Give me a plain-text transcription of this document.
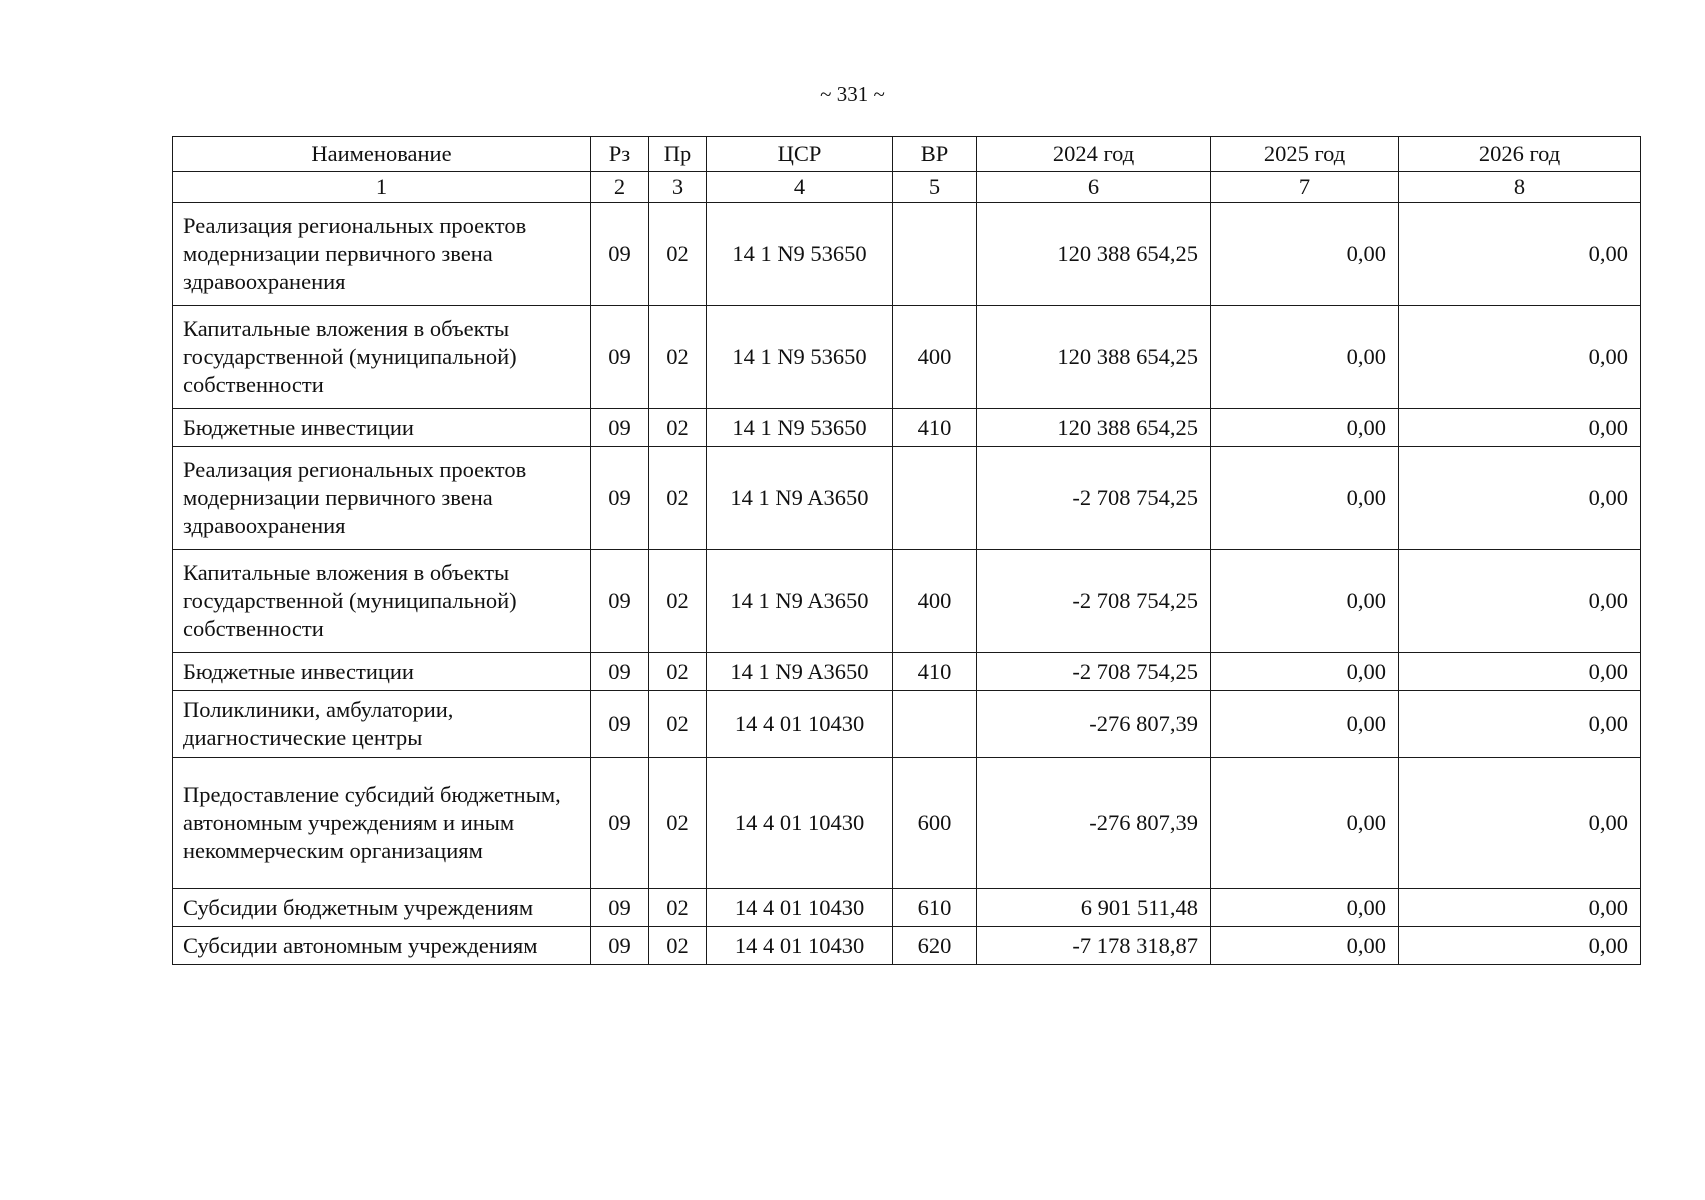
~ 331 ~
Наименование	Рз	Пр	ЦСР	ВР	2024 год	2025 год	2026 год
1	2	3	4	5	6	7	8
Реализация региональных проектов модернизации первичного звена здравоохранения	09	02	14 1 N9 53650		120 388 654,25	0,00	0,00
Капитальные вложения в объекты государственной (муниципальной) собственности	09	02	14 1 N9 53650	400	120 388 654,25	0,00	0,00
Бюджетные инвестиции	09	02	14 1 N9 53650	410	120 388 654,25	0,00	0,00
Реализация региональных проектов модернизации первичного звена здравоохранения	09	02	14 1 N9 A3650		-2 708 754,25	0,00	0,00
Капитальные вложения в объекты государственной (муниципальной) собственности	09	02	14 1 N9 A3650	400	-2 708 754,25	0,00	0,00
Бюджетные инвестиции	09	02	14 1 N9 A3650	410	-2 708 754,25	0,00	0,00
Поликлиники, амбулатории, диагностические центры	09	02	14 4 01 10430		-276 807,39	0,00	0,00
Предоставление субсидий бюджетным, автономным учреждениям и иным некоммерческим организациям	09	02	14 4 01 10430	600	-276 807,39	0,00	0,00
Субсидии бюджетным учреждениям	09	02	14 4 01 10430	610	6 901 511,48	0,00	0,00
Субсидии автономным учреждениям	09	02	14 4 01 10430	620	-7 178 318,87	0,00	0,00
